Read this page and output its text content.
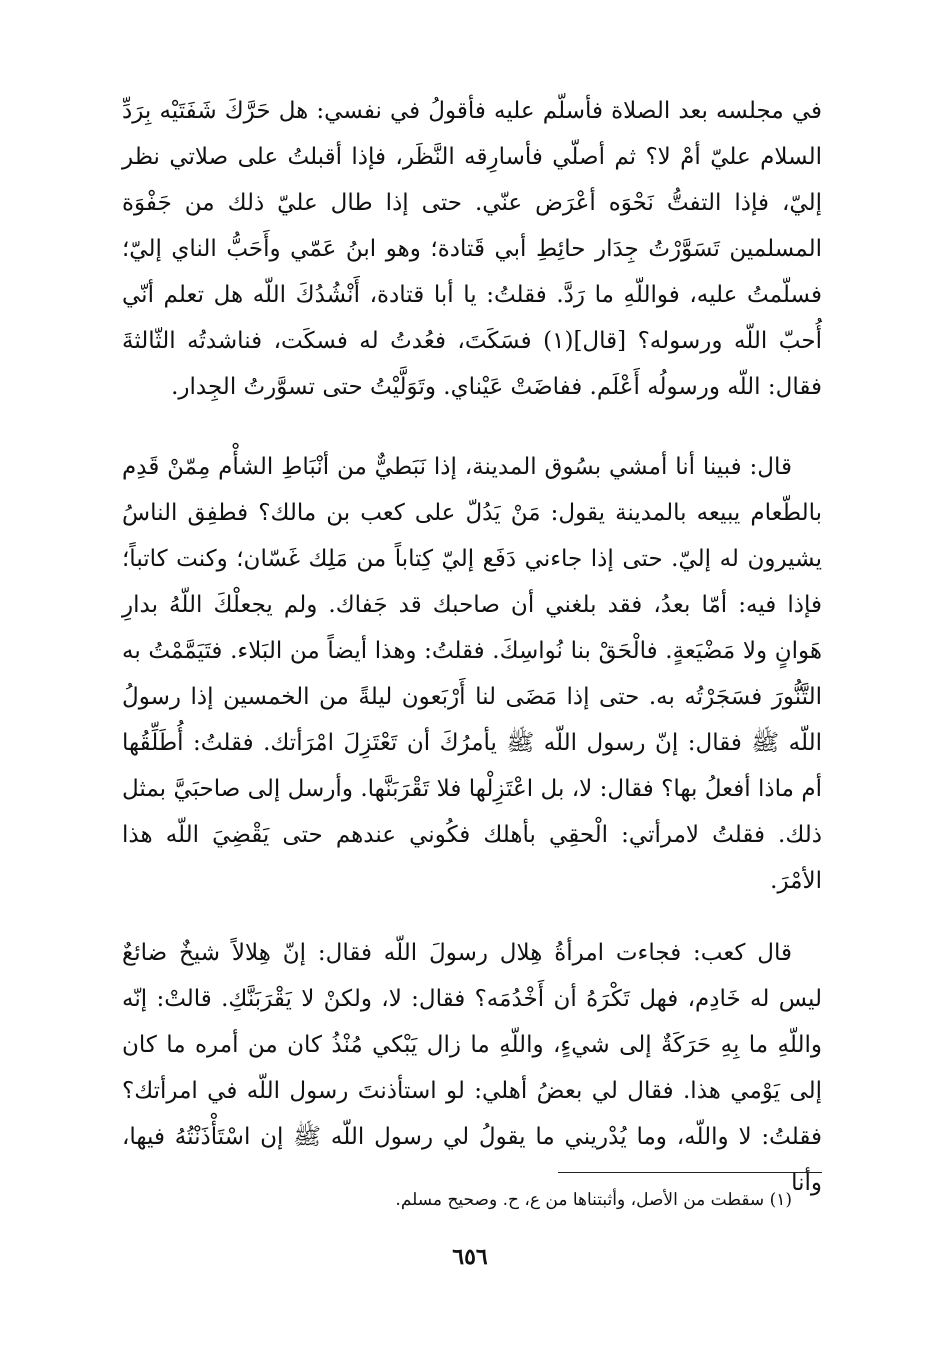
في مجلسه بعد الصلاة فأسلّم عليه فأقولُ في نفسي: هل حَرَّكَ شَفَتَيْه بِرَدِّ السلام عليّ أمْ لا؟ ثم أصلّي فأسارِقه النَّظَر، فإذا أقبلتُ على صلاتي نظر إليّ، فإذا التفتُّ نَحْوَه أعْرَض عنّي. حتى إذا طال عليّ ذلك من جَفْوَة المسلمين تَسَوَّرْتُ جِدَار حائِطِ أبي قَتادة؛ وهو ابنُ عَمّي وأَحَبُّ الناي إليّ؛ فسلّمتُ عليه، فواللّهِ ما رَدَّ. فقلتُ: يا أبا قتادة، أَنْشُدُكَ اللّه هل تعلم أنّي أُحبّ اللّه ورسوله؟ [قال](١) فسَكَتَ، فعُدتُ له فسكَت، فناشدتُه الثّالثةَ فقال: اللّه ورسولُه أَعْلَم. ففاضَتْ عَيْناي. وتَوَلَّيْتُ حتى تسوَّرتُ الجِدار.

قال: فبينا أنا أمشي بسُوق المدينة، إذا نَبَطيٌّ من أنْبَاطِ الشأْم مِمّنْ قَدِم بالطّعام يبيعه بالمدينة يقول: مَنْ يَدُلّ على كعب بن مالك؟ فطفِق الناسُ يشيرون له إليّ. حتى إذا جاءني دَفَع إليّ كِتاباً من مَلِك غَسّان؛ وكنت كاتباً؛ فإذا فيه: أمّا بعدُ، فقد بلغني أن صاحبك قد جَفاك. ولم يجعلْكَ اللّهُ بدارِ هَوانٍ ولا مَضْيَعةٍ. فالْحَقْ بنا نُواسِكَ. فقلتُ: وهذا أيضاً من البَلاء. فتَيَمَّمْتُ به التَّنُّورَ فسَجَرْتُه به. حتى إذا مَضَى لنا أَرْبَعون ليلةً من الخمسين إذا رسولُ اللّه ﷺ فقال: إنّ رسول اللّه ﷺ يأمرُكَ أن تَعْتَزِلَ امْرَأتك. فقلتُ: أُطَلِّقُها أم ماذا أفعلُ بها؟ فقال: لا، بل اعْتَزِلْها فلا تَقْرَبَنَّها. وأرسل إلى صاحبَيَّ بمثل ذلك. فقلتُ لامرأتي: الْحقِي بأهلك فكُوني عندهم حتى يَقْضِيَ اللّه هذا الأمْرَ.

قال كعب: فجاءت امرأةُ هِلال رسولَ اللّه فقال: إنّ هِلالاً شيخٌ ضائعٌ ليس له خَادِم، فهل تَكْرَهُ أن أَخْدُمَه؟ فقال: لا، ولكنْ لا يَقْرَبَنَّكِ. قالتْ: إنّه واللّهِ ما بِهِ حَرَكَةٌ إلى شيءٍ، واللّهِ ما زال يَبْكي مُنْذُ كان من أمره ما كان إلى يَوْمي هذا. فقال لي بعضُ أهلي: لو استأذنتَ رسول اللّه في امرأتك؟ فقلتُ: لا واللّه، وما يُدْريني ما يقولُ لي رسول اللّه ﷺ إن اسْتَأْذَنْتُهُ فيها، وأنا

(١) سقطت من الأصل، وأثبتناها من ع، ح. وصحيح مسلم.
٦٥٦
